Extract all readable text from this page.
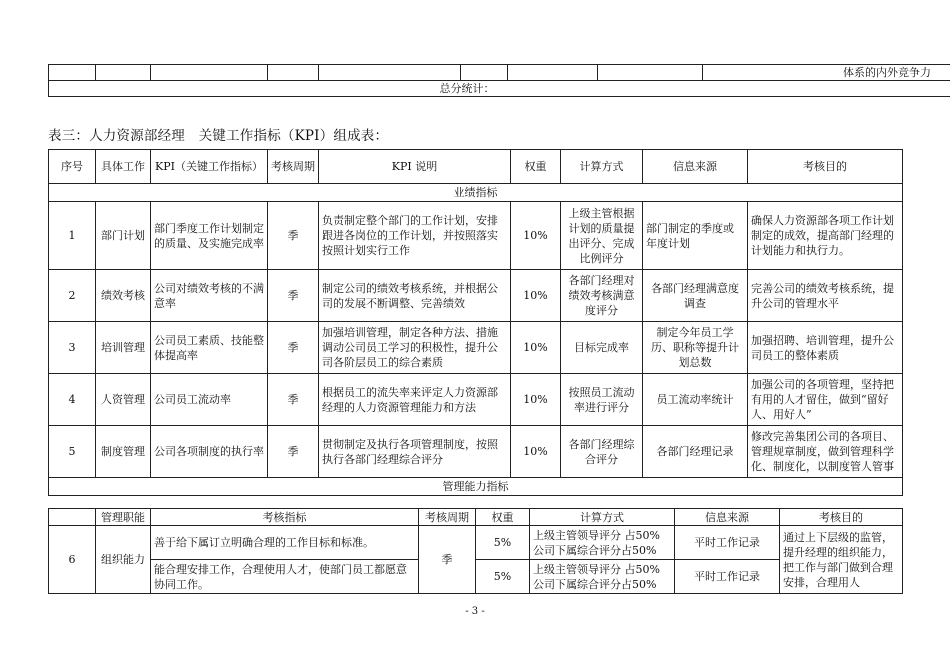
								体系的内外竞争力
总分统计：
表三：人力资源部经理　关键工作指标（KPI）组成表：
序号	具体工作	KPI（关键工作指标）	考核周期	KPI 说明	权重	计算方式	信息来源	考核目的
业绩指标								
1	部门计划	部门季度工作计划制定的质量、及实施完成率	季	负责制定整个部门的工作计划，安排跟进各岗位的工作计划，并按照落实按照计划实行工作	10%	上级主管根据计划的质量提出评分、完成比例评分	部门制定的季度或年度计划	确保人力资源部各项工作计划制定的成效，提高部门经理的计划能力和执行力。
2	绩效考核	公司对绩效考核的不满意率	季	制定公司的绩效考核系统，并根据公司的发展不断调整、完善绩效	10%	各部门经理对绩效考核满意度评分	各部门经理满意度调查	完善公司的绩效考核系统，提升公司的管理水平
3	培训管理	公司员工素质、技能整体提高率	季	加强培训管理，制定各种方法、措施调动公司员工学习的积极性，提升公司各阶层员工的综合素质	10%	目标完成率	制定今年员工学历、职称等提升计划总数	加强招聘、培训管理，提升公司员工的整体素质
4	人资管理	公司员工流动率	季	根据员工的流失率来评定人力资源部经理的人力资源管理能力和方法	10%	按照员工流动率进行评分	员工流动率统计	加强公司的各项管理，坚持把有用的人才留住，做到“留好人、用好人”
5	制度管理	公司各项制度的执行率	季	贯彻制定及执行各项管理制度，按照执行各部门经理综合评分	10%	各部门经理综合评分	各部门经理记录	修改完善集团公司的各项目、管理规章制度，做到管理科学化、制度化，以制度管人管事
管理能力指标								
	管理职能	考核指标	考核周期	权重	计算方式	信息来源	考核目的
6	组织能力	善于给下属订立明确合理的工作目标和标准。	季	5%	上级主管领导评分 占50%
公司下属综合评分占50%	平时工作记录	通过上下层级的监管，提升经理的组织能力，把工作与部门做到合理安排，合理用人
		能合理安排工作，合理使用人才，使部门员工都愿意协同工作。		5%	上级主管领导评分 占50%
公司下属综合评分占50%	平时工作记录	
- 3 -
